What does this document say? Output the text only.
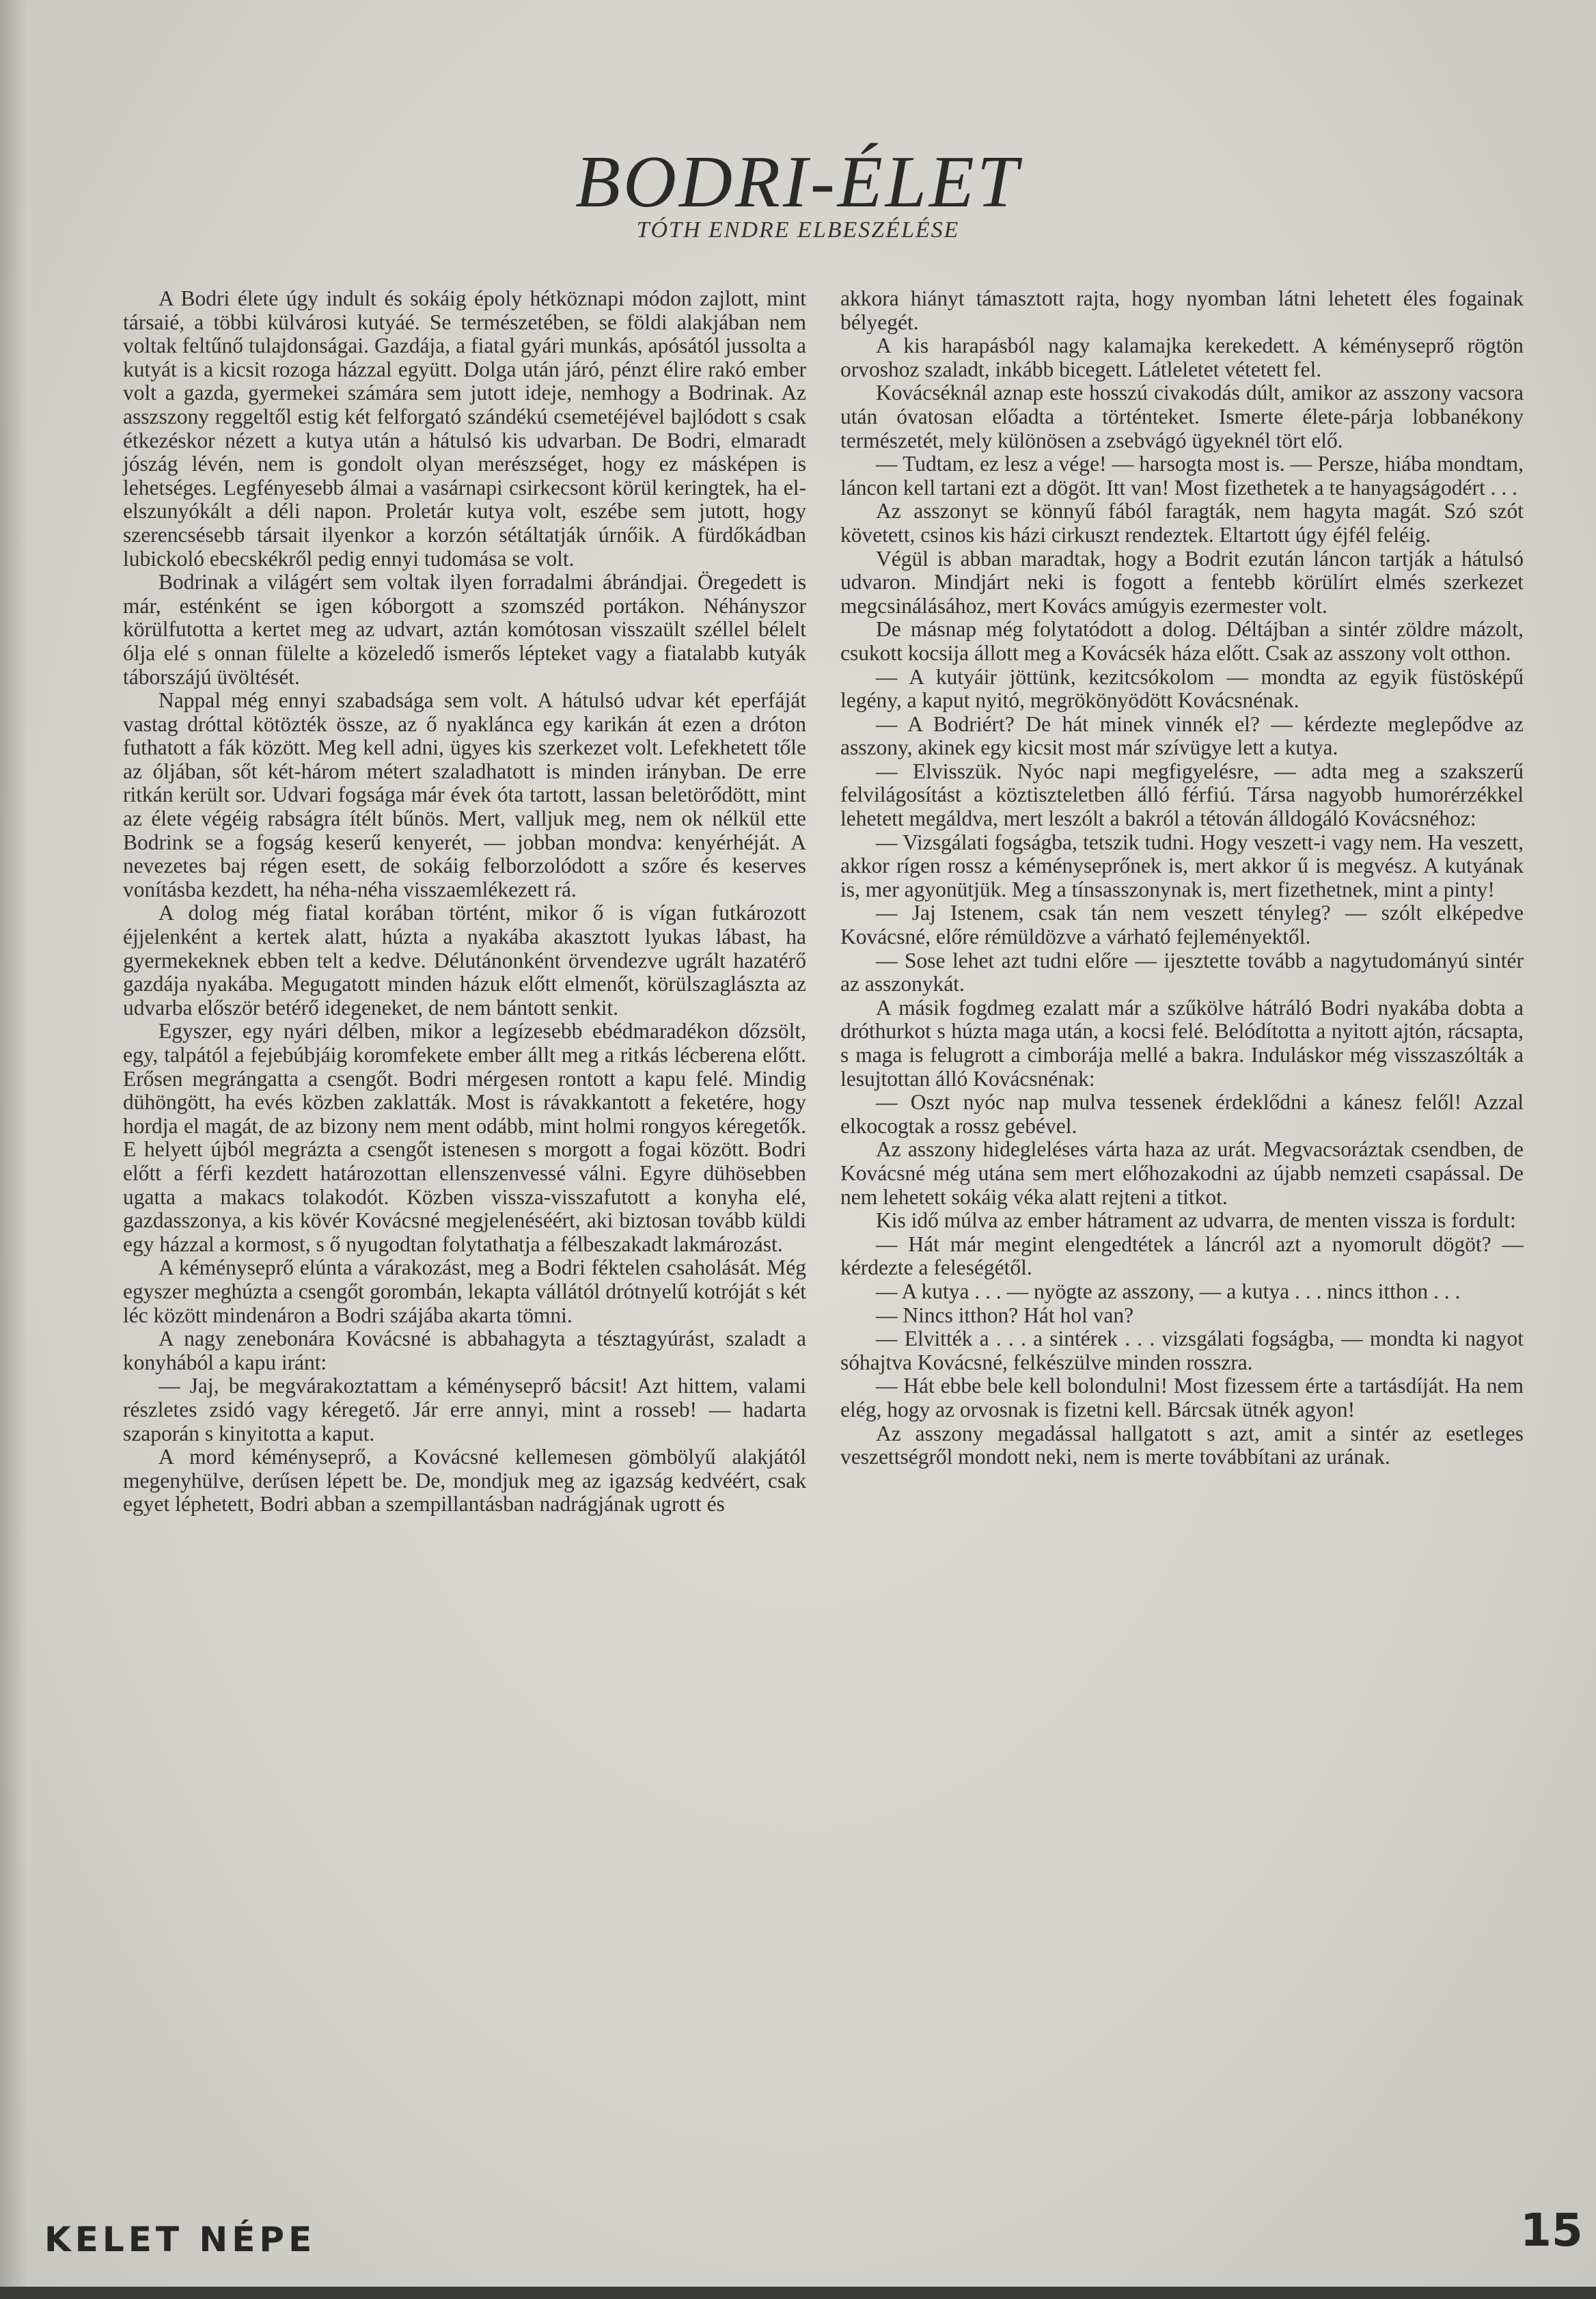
BODRI-ÉLET
TÓTH ENDRE ELBESZÉLÉSE

A Bodri élete úgy indult és sokáig époly hétköznapi módon zajlott, mint társaié, a többi külvárosi kutyáé. Se természetében, se földi alakjában nem voltak feltűnő tulajdonságai. Gazdája, a fiatal gyári munkás, apósától jussolta a kutyát is a kicsit rozoga házzal együtt. Dolga után járó, pénzt élire rakó ember volt a gazda, gyermekei számára sem jutott ideje, nemhogy a Bodrinak. Az asszszony reggeltől estig két felforgató szándékú csemetéjével bajlódott s csak étkezéskor nézett a kutya után a hátulsó kis udvarban. De Bodri, elmaradt jószág lévén, nem is gondolt olyan merészséget, hogy ez másképen is lehetséges. Legfényesebb álmai a vasárnapi csirkecsont körül keringtek, ha el-elszunyókált a déli napon. Proletár kutya volt, eszébe sem jutott, hogy szerencsésebb társait ilyenkor a korzón sétáltatják úrnőik. A fürdőkádban lubickoló ebecskékről pedig ennyi tudomása se volt.

Bodrinak a világért sem voltak ilyen forradalmi ábrándjai. Öregedett is már, esténként se igen kóborgott a szomszéd portákon. Néhányszor körülfutotta a kertet meg az udvart, aztán komótosan visszaült széllel bélelt ólja elé s onnan fülelte a közeledő ismerős lépteket vagy a fiatalabb kutyák táborszájú üvöltését.

Nappal még ennyi szabadsága sem volt. A hátulsó udvar két eperfáját vastag dróttal kötözték össze, az ő nyakláncа egy karikán át ezen a drótоn futhatott a fák között. Meg kell adni, ügyes kis szerkezet volt. Lefekhetett tőle az óljában, sőt két-három métert szaladhatott is minden irányban. De erre ritkán került sor. Udvari fogsága már évek óta tartott, lassan beletörődött, mint az élete végéig rabságra ítélt bűnös. Mert, valljuk meg, nem ok nélkül ette Bodrink se a fogság keserű kenyerét, — jobban mondva: kenyérhéját. A nevezetes baj régen esett, de sokáig felborzolódott a szőre és keserves vonításba kezdett, ha néha-néha visszaemlékezett rá.

A dolog még fiatal korában történt, mikor ő is vígan futkározott éjjelenként a kertek alatt, húzta a nyakába akasztott lyukas lábast, ha gyermekeknek ebben telt a kedve. Délutánonként örvendezve ugrált hazatérő gazdája nyakába. Megugatott minden házuk előtt elmenőt, körülszaglászta az udvarba először betérő idegeneket, de nem bántott senkit.

Egyszer, egy nyári délben, mikor a legízesebb ebédmaradékon dőzsölt, egy, talpától a fejebúbjáig koromfekete ember állt meg a ritkás lécberena előtt. Erősen megrángatta a csengőt. Bodri mérgesen rontott a kapu felé. Mindig dühöngött, ha evés közben zaklatták. Most is rávakkantott a feketére, hogy hordja el magát, de az bizony nem ment odább, mint holmi rongyos kéregetők. E helyett újból megrázta a csengőt istenesen s morgott a fogai között. Bodri előtt a férfi kezdett határozottan ellenszenvessé válni. Egyre dühösebben ugatta a makacs tolakodót. Közben vissza-visszafutott a konyha elé, gazdasszonya, a kis kövér Kovácsné megjelenéséért, aki biztosan tovább küldi egy házzal a kormost, s ő nyugodtan folytathatja a félbeszakadt lakmározást.

A kéményseprő elúnta a várakozást, meg a Bodri féktelen csaholását. Még egyszer meghúzta a csengőt gorombán, lekapta vállától drótnyelű kotróját s két léc között mindenáron a Bodri szájába akarta tömni.

A nagy zenebonára Kovácsné is abbahagyta a tésztagyúrást, szaladt a konyhából a kapu iránt:

— Jaj, be megvárakoztattam a kéményseprő bácsit! Azt hittem, valami részletes zsidó vagy kéregető. Jár erre annyi, mint a rosseb! — hadarta szaporán s kinyitotta a kaput.

A mord kéményseprő, a Kovácsné kellemesen gömbölyű alakjától megenyhülve, derűsen lépett be. De, mondjuk meg az igazság kedvéért, csak egyet léphetett, Bodri abban a szempillantásban nadrágjának ugrott és

akkora hiányt támasztott rajta, hogy nyomban látni lehetett éles fogainak bélyegét.

A kis harapásból nagy kalamajka kerekedett. A kéményseprő rögtön orvoshoz szaladt, inkább bicegett. Látleletet vétetett fel.

Kovácséknál aznap este hosszú civakodás dúlt, amikor az asszony vacsora után óvatosan előadta a történteket. Ismerte élete-párja lobbanékony természetét, mely különösen a zsebvágó ügyeknél tört elő.

— Tudtam, ez lesz a vége! — harsogta most is. — Persze, hiába mondtam, láncon kell tartani ezt a dögöt. Itt van! Most fizethetek a te hanyagságodért . . .

Az asszonyt se könnyű fából faragták, nem hagyta magát. Szó szót követett, csinos kis házi cirkuszt rendeztek. Eltartott úgy éjfél feléig.

Végül is abban maradtak, hogy a Bodrit ezután láncon tartják a hátulsó udvaron. Mindjárt neki is fogott a fentebb körülírt elmés szerkezet megcsinálásához, mert Kovács amúgyis ezermester volt.

De másnap még folytatódott a dolog. Déltájban a sintér zöldre mázolt, csukott kocsija állott meg a Kovácsék háza előtt. Csak az asszony volt otthon.

— A kutyáir jöttünk, kezitcsókolom — mondta az egyik füstösképű legény, a kaput nyitó, megrökönyödött Kovácsnénak.

— A Bodriért? De hát minek vinnék el? — kérdezte meglepődve az asszony, akinek egy kicsit most már szívügye lett a kutya.

— Elvisszük. Nyóc napi megfigyelésre, — adta meg a szakszerű felvilágosítást a köztiszteletben álló férfiú. Társa nagyobb humorérzékkel lehetett megáldva, mert leszólt a bakról a tétován álldogáló Kovácsnéhoz:

— Vizsgálati fogságba, tetszik tudni. Hogy veszett-i vagy nem. Ha veszett, akkor rígen rossz a kéményseprőnek is, mert akkor ű is megvész. A kutyának is, mer agyonütjük. Meg a tínsasszonynak is, mert fizethetnek, mint a pinty!

— Jaj Istenem, csak tán nem veszett tényleg? — szólt elképedve Kovácsné, előre rémüldözve a várható fejleményektől.

— Sose lehet azt tudni előre — ijesztette tovább a nagytudományú sintér az asszonykát.

A másik fogdmeg ezalatt már a szűkölve hátráló Bodri nyakába dobta a dróthurkot s húzta maga után, a kocsi felé. Belódította a nyitott ajtón, rácsapta, s maga is felugrott a cimborája mellé a bakra. Induláskor még visszaszólták a lesujtottan álló Kovácsnénak:

— Oszt nyóc nap mulva tessenek érdeklődni a kánesz felől! Azzal elkocogtak a rossz gebével.

Az asszony hidegleléses várta haza az urát. Megvacsoráztak csendben, de Kovácsné még utána sem mert előhozakodni az újabb nemzeti csapással. De nem lehetett sokáig véka alatt rejteni a titkot.

Kis idő múlva az ember hátrament az udvarra, de menten vissza is fordult:

— Hát már megint elengedtétek a láncról azt a nyomorult dögöt? — kérdezte a feleségétől.

— A kutya . . . — nyögte az asszony, — a kutya . . . nincs itthon . . .

— Nincs itthon? Hát hol van?

— Elvitték a . . . a sintérek . . . vizsgálati fogságba, — mondta ki nagyot sóhajtva Kovácsné, felkészülve minden rosszra.

— Hát ebbe bele kell bolondulni! Most fizessem érte a tartásdíját. Ha nem elég, hogy az orvosnak is fizetni kell. Bárcsak ütnék agyon!

Az asszony megadással hallgatott s azt, amit a sintér az esetleges veszettségről mondott neki, nem is merte továbbítani az urának.

KELET NÉPE	15
